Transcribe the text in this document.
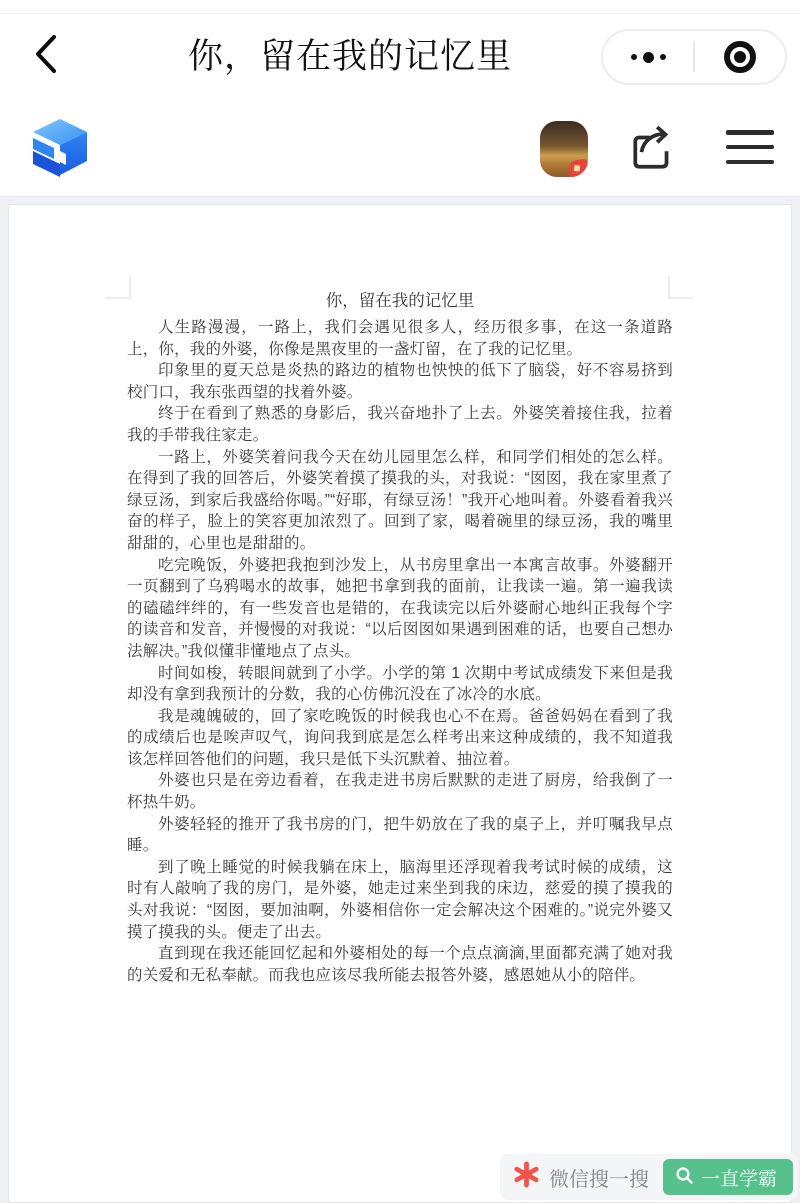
你，留在我的记忆里

你，留在我的记忆里

人生路漫漫，一路上，我们会遇见很多人，经历很多事，在这一条道路上，你，我的外婆，你像是黑夜里的一盏灯留，在了我的记忆里。

印象里的夏天总是炎热的路边的植物也怏怏的低下了脑袋，好不容易挤到校门口，我东张西望的找着外婆。

终于在看到了熟悉的身影后，我兴奋地扑了上去。外婆笑着接住我，拉着我的手带我往家走。

一路上，外婆笑着问我今天在幼儿园里怎么样，和同学们相处的怎么样。在得到了我的回答后，外婆笑着摸了摸我的头，对我说：“囡囡，我在家里煮了绿豆汤，到家后我盛给你喝。”“好耶，有绿豆汤！”我开心地叫着。外婆看着我兴奋的样子，脸上的笑容更加浓烈了。回到了家，喝着碗里的绿豆汤，我的嘴里甜甜的，心里也是甜甜的。

吃完晚饭，外婆把我抱到沙发上，从书房里拿出一本寓言故事。外婆翻开一页翻到了乌鸦喝水的故事，她把书拿到我的面前，让我读一遍。第一遍我读的磕磕绊绊的，有一些发音也是错的，在我读完以后外婆耐心地纠正我每个字的读音和发音，并慢慢的对我说：“以后囡囡如果遇到困难的话，也要自己想办法解决。”我似懂非懂地点了点头。

时间如梭，转眼间就到了小学。小学的第 1 次期中考试成绩发下来但是我却没有拿到我预计的分数，我的心仿佛沉没在了冰冷的水底。

我是魂魄破的，回了家吃晚饭的时候我也心不在焉。爸爸妈妈在看到了我的成绩后也是唉声叹气，询问我到底是怎么样考出来这种成绩的，我不知道我该怎样回答他们的问题，我只是低下头沉默着、抽泣着。

外婆也只是在旁边看着，在我走进书房后默默的走进了厨房，给我倒了一杯热牛奶。

外婆轻轻的推开了我书房的门，把牛奶放在了我的桌子上，并叮嘱我早点睡。

到了晚上睡觉的时候我躺在床上，脑海里还浮现着我考试时候的成绩，这时有人敲响了我的房门，是外婆，她走过来坐到我的床边，慈爱的摸了摸我的头对我说：“囡囡，要加油啊，外婆相信你一定会解决这个困难的。”说完外婆又摸了摸我的头。便走了出去。

直到现在我还能回忆起和外婆相处的每一个点点滴滴,里面都充满了她对我的关爱和无私奉献。而我也应该尽我所能去报答外婆，感恩她从小的陪伴。

微信搜一搜	一直学霸
